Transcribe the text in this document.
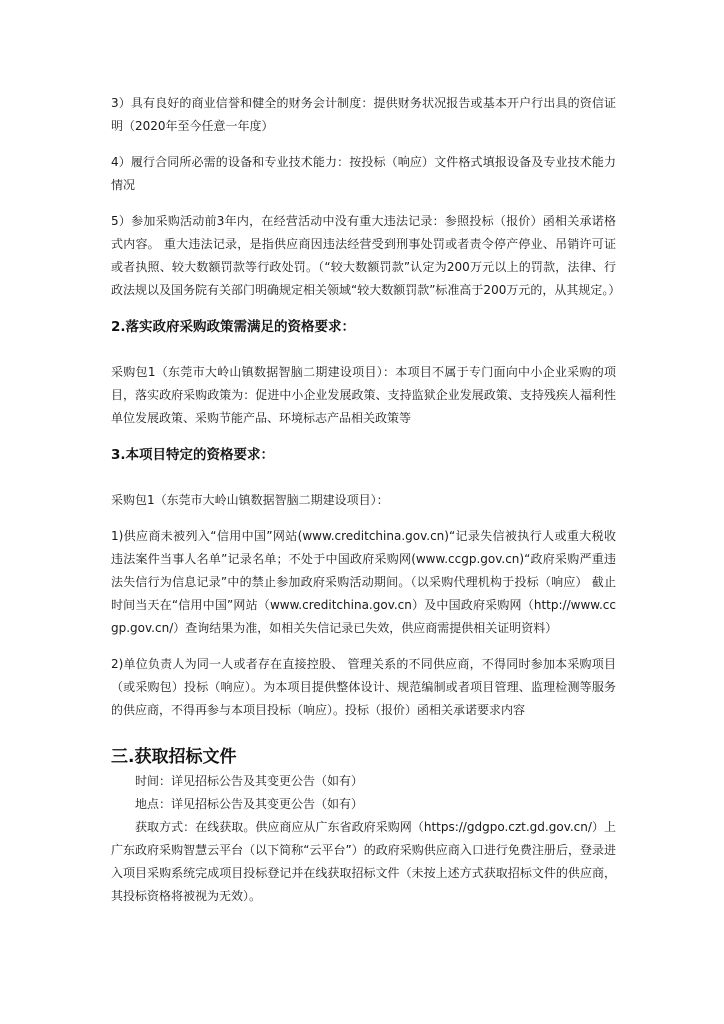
3）具有良好的商业信誉和健全的财务会计制度：提供财务状况报告或基本开户行出具的资信证明（2020年至今任意一年度）

4）履行合同所必需的设备和专业技术能力：按投标（响应）文件格式填报设备及专业技术能力情况

5）参加采购活动前3年内，在经营活动中没有重大违法记录：参照投标（报价）函相关承诺格式内容。 重大违法记录，是指供应商因违法经营受到刑事处罚或者责令停产停业、吊销许可证或者执照、较大数额罚款等行政处罚。（“较大数额罚款”认定为200万元以上的罚款，法律、行政法规以及国务院有关部门明确规定相关领域“较大数额罚款”标准高于200万元的，从其规定。）

2.落实政府采购政策需满足的资格要求：

采购包1（东莞市大岭山镇数据智脑二期建设项目）：本项目不属于专门面向中小企业采购的项目，落实政府采购政策为：促进中小企业发展政策、支持监狱企业发展政策、支持残疾人福利性单位发展政策、采购节能产品、环境标志产品相关政策等

3.本项目特定的资格要求：

采购包1（东莞市大岭山镇数据智脑二期建设项目）：

1)供应商未被列入“信用中国”网站(www.creditchina.gov.cn)“记录失信被执行人或重大税收违法案件当事人名单”记录名单；不处于中国政府采购网(www.ccgp.gov.cn)“政府采购严重违法失信行为信息记录”中的禁止参加政府采购活动期间。（以采购代理机构于投标（响应） 截止时间当天在“信用中国”网站（www.creditchina.gov.cn）及中国政府采购网（http://www.ccgp.gov.cn/）查询结果为准，如相关失信记录已失效，供应商需提供相关证明资料）

2)单位负责人为同一人或者存在直接控股、 管理关系的不同供应商，不得同时参加本采购项目（或采购包）投标（响应）。为本项目提供整体设计、规范编制或者项目管理、监理检测等服务的供应商，不得再参与本项目投标（响应）。投标（报价）函相关承诺要求内容

三.获取招标文件

时间：详见招标公告及其变更公告（如有）

地点：详见招标公告及其变更公告（如有）

获取方式：在线获取。供应商应从广东省政府采购网（https://gdgpo.czt.gd.gov.cn/）上广东政府采购智慧云平台（以下简称“云平台”）的政府采购供应商入口进行免费注册后，登录进入项目采购系统完成项目投标登记并在线获取招标文件（未按上述方式获取招标文件的供应商，其投标资格将被视为无效）。
